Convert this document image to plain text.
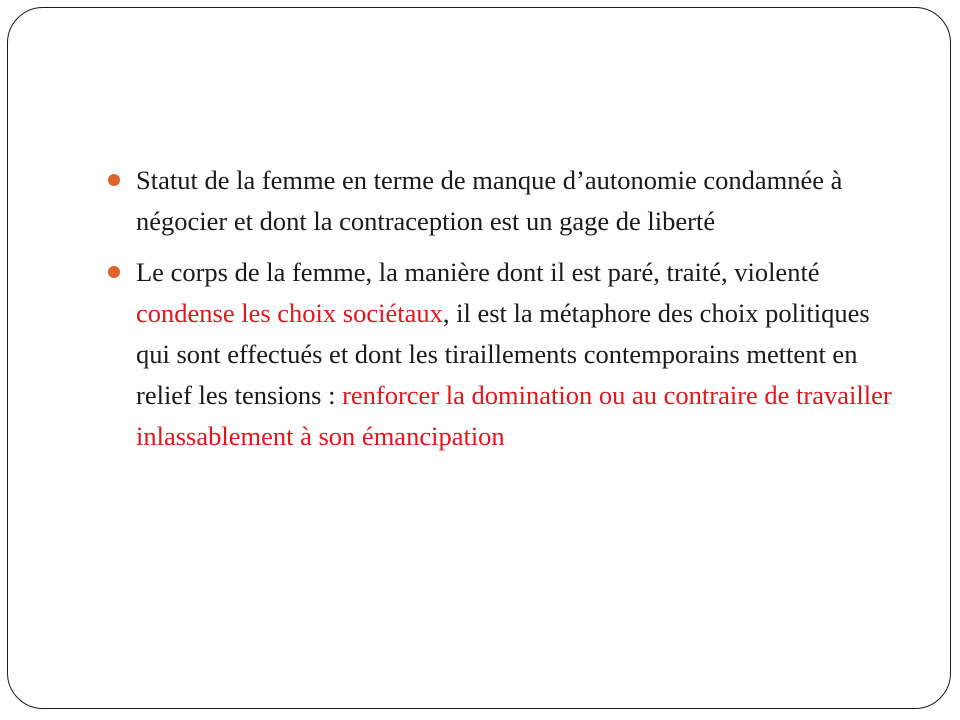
Statut de la femme en terme de manque d’autonomie condamnée à négocier et dont la contraception est un gage de liberté
Le corps de la femme, la manière dont il est paré, traité, violenté condense les choix sociétaux, il est la métaphore des choix politiques qui sont effectués et dont les tiraillements contemporains mettent en relief les tensions : renforcer la domination ou au contraire de travailler inlassablement à son émancipation
